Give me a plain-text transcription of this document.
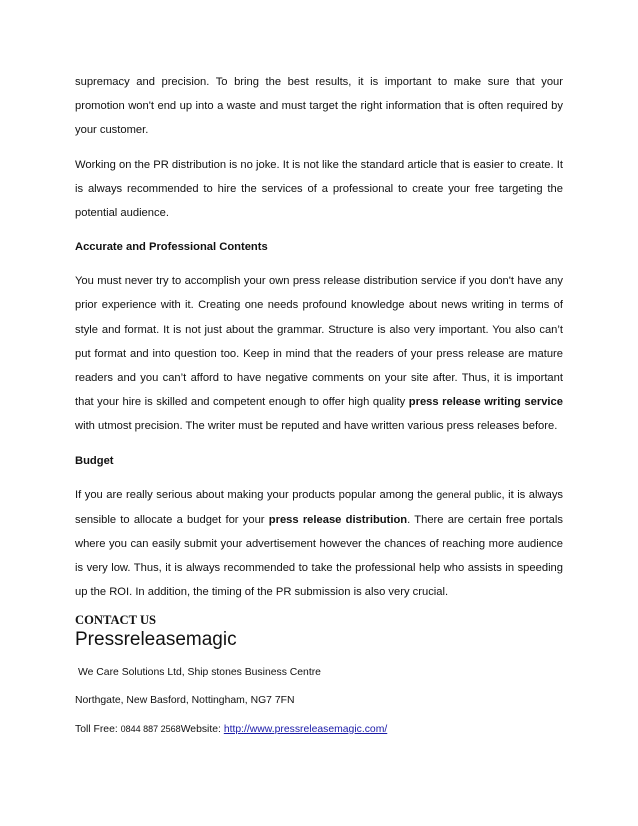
supremacy and precision. To bring the best results, it is important to make sure that your promotion won't end up into a waste and must target the right information that is often required by your customer.

Working on the PR distribution is no joke. It is not like the standard article that is easier to create. It is always recommended to hire the services of a professional to create your free targeting the potential audience.

Accurate and Professional Contents

You must never try to accomplish your own press release distribution service if you don't have any prior experience with it. Creating one needs profound knowledge about news writing in terms of style and format. It is not just about the grammar. Structure is also very important. You also can’t put format and into question too. Keep in mind that the readers of your press release are mature readers and you can’t afford to have negative comments on your site after. Thus, it is important that your hire is skilled and competent enough to offer high quality press release writing service with utmost precision. The writer must be reputed and have written various press releases before.

Budget

If you are really serious about making your products popular among the general public, it is always sensible to allocate a budget for your press release distribution. There are certain free portals where you can easily submit your advertisement however the chances of reaching more audience is very low. Thus, it is always recommended to take the professional help who assists in speeding up the ROI. In addition, the timing of the PR submission is also very crucial.

CONTACT US
Pressreleasemagic
We Care Solutions Ltd, Ship stones Business Centre
Northgate, New Basford, Nottingham, NG7 7FN
Toll Free: 0844 887 2568Website: http://www.pressreleasemagic.com/
